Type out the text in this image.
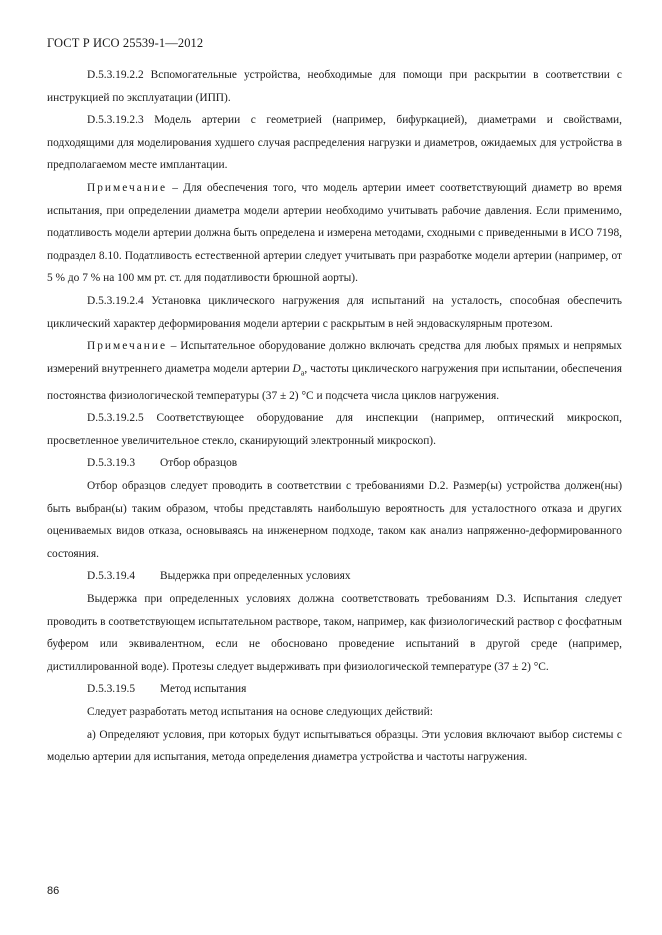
ГОСТ Р ИСО 25539-1—2012

D.5.3.19.2.2 Вспомогательные устройства, необходимые для помощи при раскрытии в соответствии с инструкцией по эксплуатации (ИПП).

D.5.3.19.2.3 Модель артерии с геометрией (например, бифуркацией), диаметрами и свойствами, подходящими для моделирования худшего случая распределения нагрузки и диаметров, ожидаемых для устройства в предполагаемом месте имплантации.

Примечание – Для обеспечения того, что модель артерии имеет соответствующий диаметр во время испытания, при определении диаметра модели артерии необходимо учитывать рабочие давления. Если применимо, податливость модели артерии должна быть определена и измерена методами, сходными с приведенными в ИСО 7198, подраздел 8.10. Податливость естественной артерии следует учитывать при разработке модели артерии (например, от 5 % до 7 % на 100 мм рт. ст. для податливости брюшной аорты).

D.5.3.19.2.4 Установка циклического нагружения для испытаний на усталость, способная обеспечить циклический характер деформирования модели артерии с раскрытым в ней эндоваскулярным протезом.

Примечание – Испытательное оборудование должно включать средства для любых прямых и непрямых измерений внутреннего диаметра модели артерии $D_a$, частоты циклического нагружения при испытании, обеспечения постоянства физиологической температуры (37 ± 2) °С и подсчета числа циклов нагружения.

D.5.3.19.2.5 Соответствующее оборудование для инспекции (например, оптический микроскоп, просветленное увеличительное стекло, сканирующий электронный микроскоп).

D.5.3.19.3 Отбор образцов

Отбор образцов следует проводить в соответствии с требованиями D.2. Размер(ы) устройства должен(ны) быть выбран(ы) таким образом, чтобы представлять наибольшую вероятность для усталостного отказа и других оцениваемых видов отказа, основываясь на инженерном подходе, таком как анализ напряженно-деформированного состояния.

D.5.3.19.4 Выдержка при определенных условиях

Выдержка при определенных условиях должна соответствовать требованиям D.3. Испытания следует проводить в соответствующем испытательном растворе, таком, например, как физиологический раствор с фосфатным буфером или эквивалентном, если не обосновано проведение испытаний в другой среде (например, дистиллированной воде). Протезы следует выдерживать при физиологической температуре (37 ± 2) °С.

D.5.3.19.5 Метод испытания

Следует разработать метод испытания на основе следующих действий:

а) Определяют условия, при которых будут испытываться образцы. Эти условия включают выбор системы с моделью артерии для испытания, метода определения диаметра устройства и частоты нагружения.

86
